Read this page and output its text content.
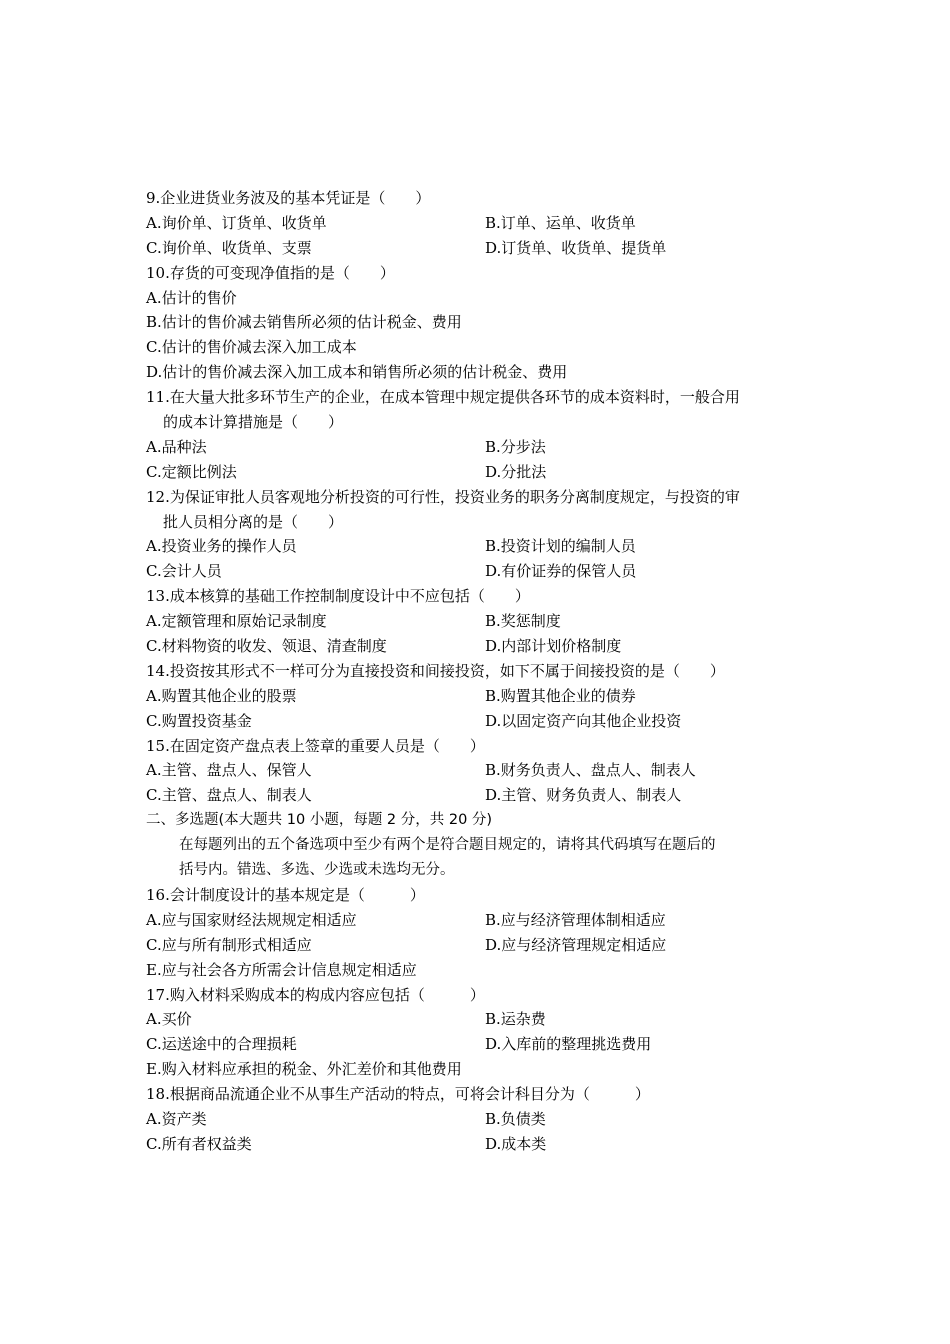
9.企业进货业务波及的基本凭证是（　　）
A.询价单、订货单、收货单	B.订单、运单、收货单
C.询价单、收货单、支票	D.订货单、收货单、提货单
10.存货的可变现净值指的是（　　）
A.估计的售价
B.估计的售价减去销售所必须的估计税金、费用
C.估计的售价减去深入加工成本
D.估计的售价减去深入加工成本和销售所必须的估计税金、费用
11.在大量大批多环节生产的企业，在成本管理中规定提供各环节的成本资料时，一般合用
的成本计算措施是（　　）
A.品种法	B.分步法
C.定额比例法	D.分批法
12.为保证审批人员客观地分析投资的可行性，投资业务的职务分离制度规定，与投资的审
批人员相分离的是（　　）
A.投资业务的操作人员	B.投资计划的编制人员
C.会计人员	D.有价证券的保管人员
13.成本核算的基础工作控制制度设计中不应包括（　　）
A.定额管理和原始记录制度	B.奖惩制度
C.材料物资的收发、领退、清查制度	D.内部计划价格制度
14.投资按其形式不一样可分为直接投资和间接投资，如下不属于间接投资的是（　　）
A.购置其他企业的股票	B.购置其他企业的债券
C.购置投资基金	D.以固定资产向其他企业投资
15.在固定资产盘点表上签章的重要人员是（　　）
A.主管、盘点人、保管人	B.财务负责人、盘点人、制表人
C.主管、盘点人、制表人	D.主管、财务负责人、制表人
二、多选题(本大题共 10 小题，每题 2 分，共 20 分)
在每题列出的五个备选项中至少有两个是符合题目规定的，请将其代码填写在题后的
括号内。错选、多选、少选或未选均无分。
16.会计制度设计的基本规定是（　　　）
A.应与国家财经法规规定相适应	B.应与经济管理体制相适应
C.应与所有制形式相适应	D.应与经济管理规定相适应
E.应与社会各方所需会计信息规定相适应
17.购入材料采购成本的构成内容应包括（　　　）
A.买价	B.运杂费
C.运送途中的合理损耗	D.入库前的整理挑选费用
E.购入材料应承担的税金、外汇差价和其他费用
18.根据商品流通企业不从事生产活动的特点，可将会计科目分为（　　　）
A.资产类	B.负债类
C.所有者权益类	D.成本类
